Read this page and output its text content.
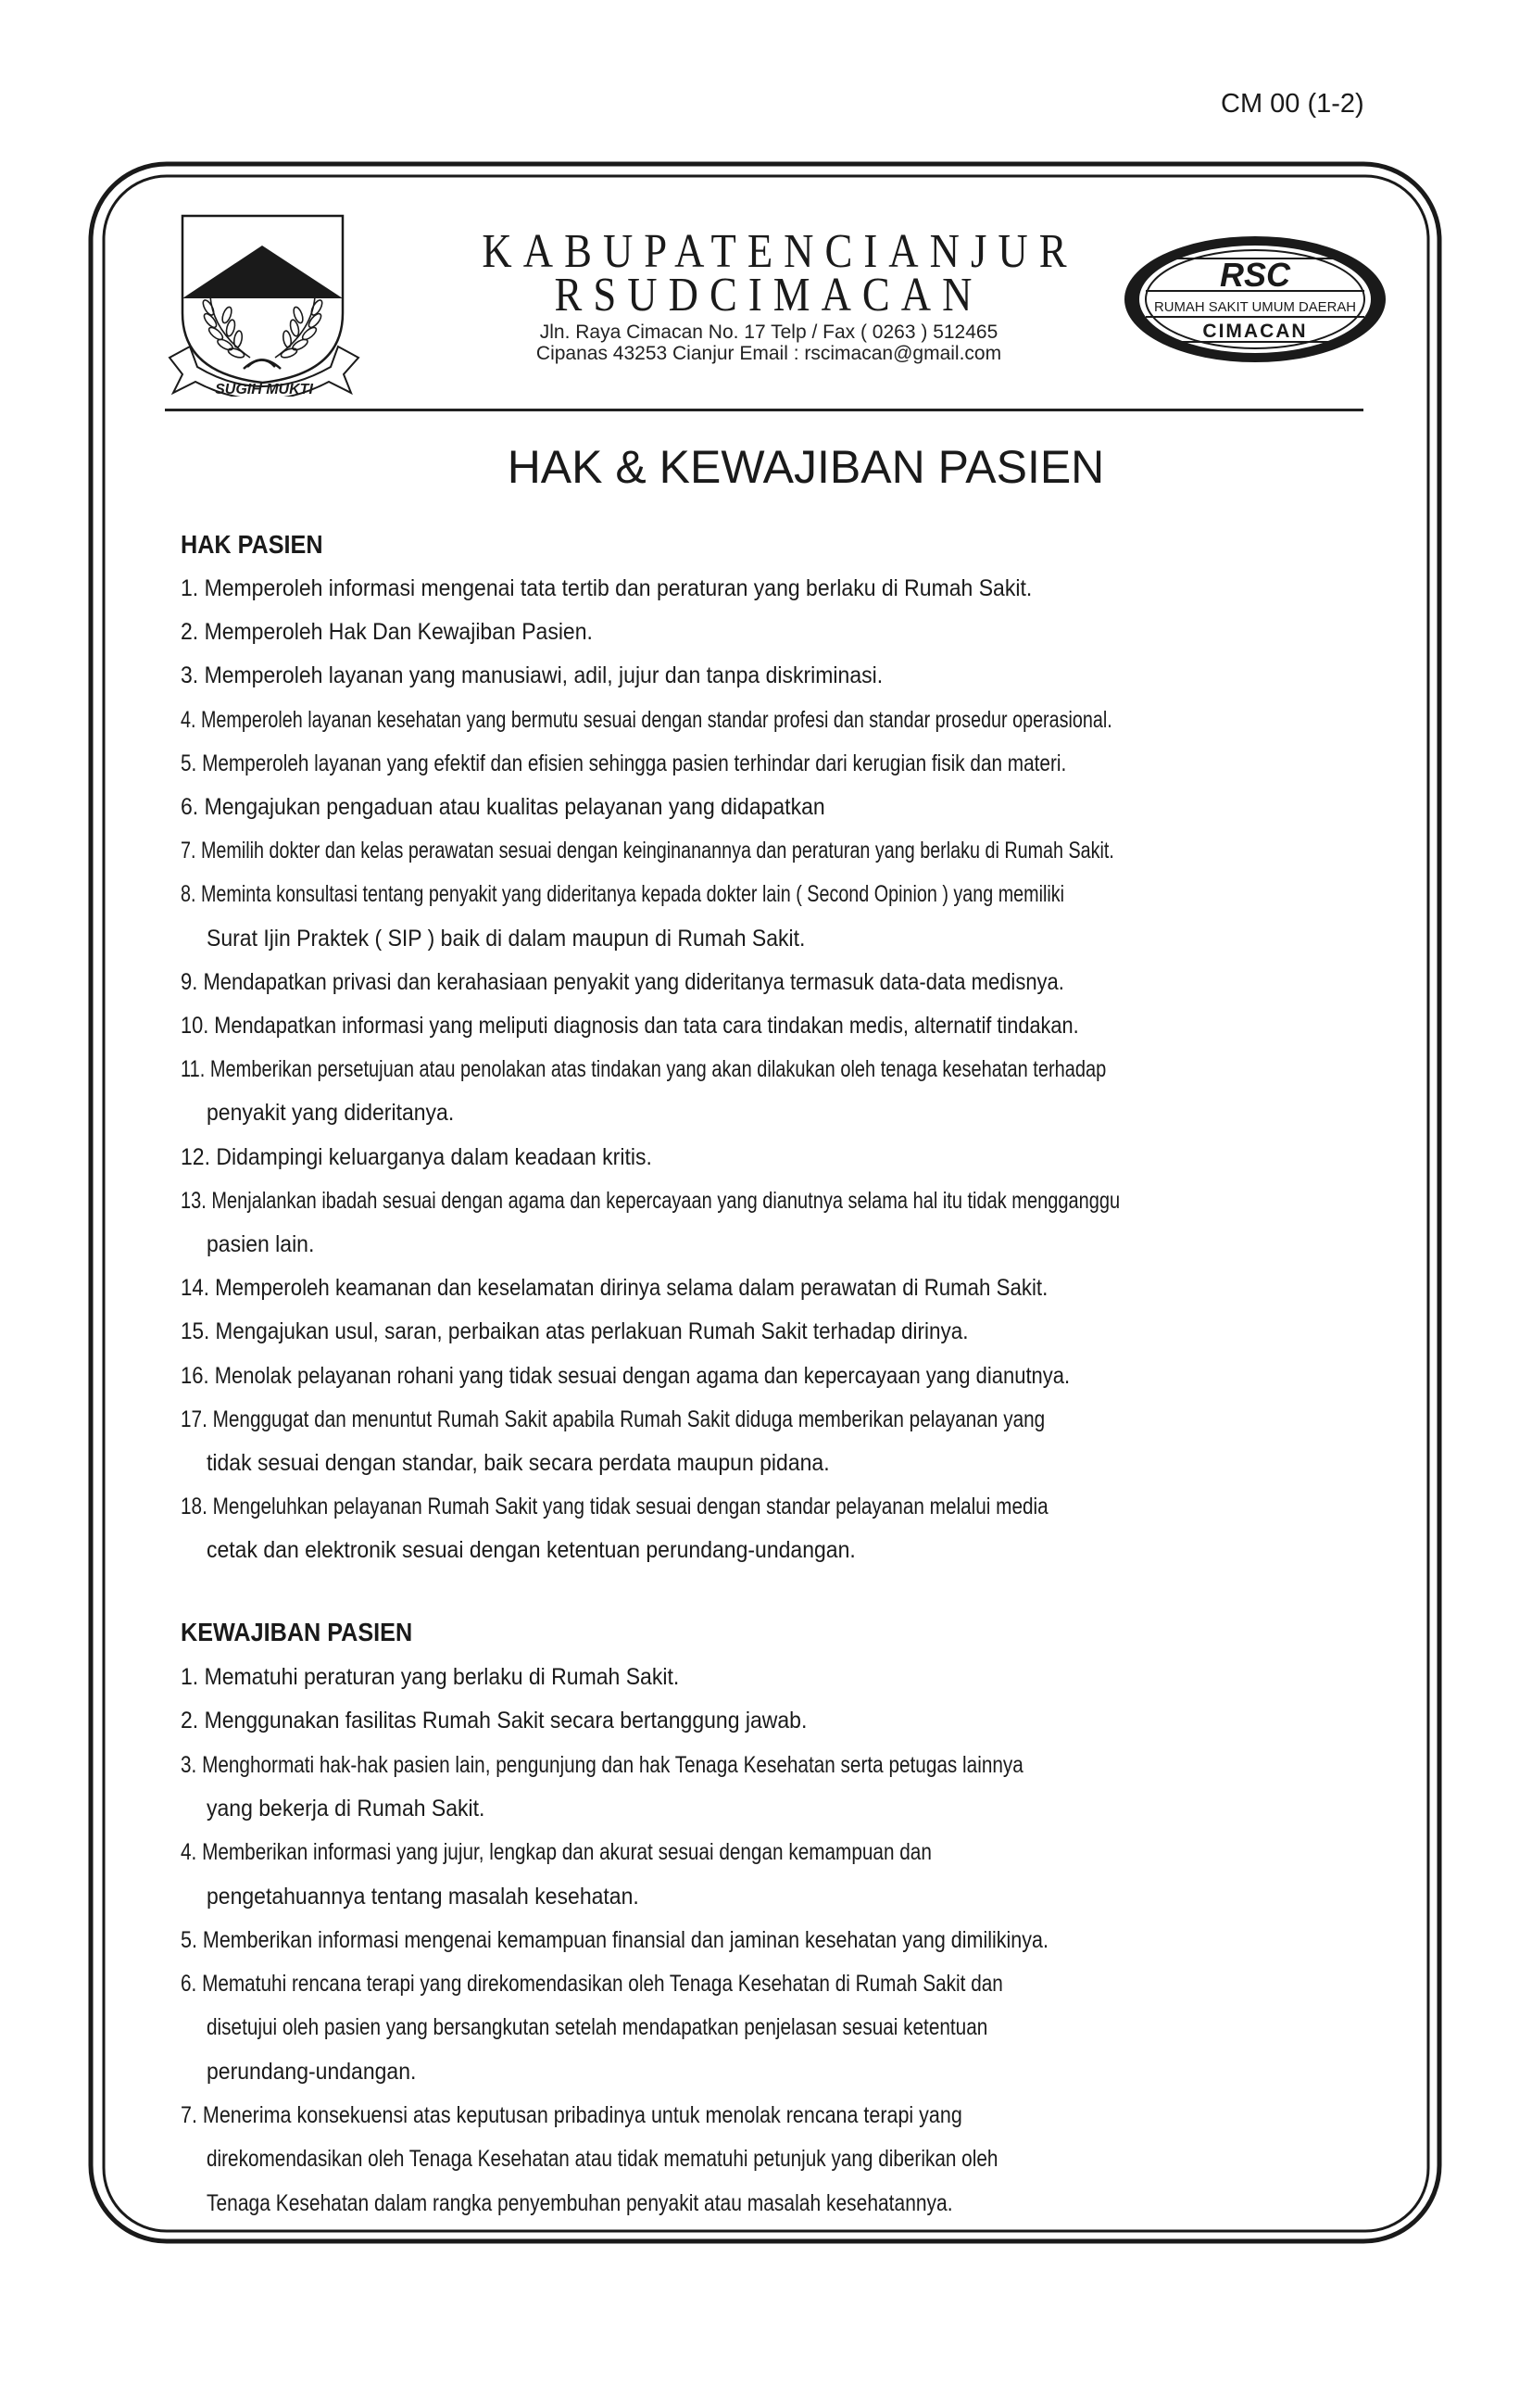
CM 00 (1-2)
SUGIH MUKTI
KABUPATENCIANJUR
RSUDCIMACAN
Jln. Raya Cimacan No. 17 Telp / Fax ( 0263 ) 512465
Cipanas 43253 Cianjur Email : rscimacan@gmail.com
RSC
RUMAH SAKIT UMUM DAERAH
CIMACAN
HAK & KEWAJIBAN PASIEN
HAK PASIEN
1. Memperoleh informasi mengenai tata tertib dan peraturan yang berlaku di Rumah Sakit.
2. Memperoleh Hak Dan Kewajiban Pasien.
3. Memperoleh layanan yang manusiawi, adil, jujur dan tanpa diskriminasi.
4. Memperoleh layanan kesehatan yang bermutu sesuai dengan standar profesi dan standar prosedur operasional.
5. Memperoleh layanan yang efektif dan efisien sehingga pasien terhindar dari kerugian fisik dan materi.
6. Mengajukan pengaduan atau kualitas pelayanan yang didapatkan
7. Memilih dokter dan kelas perawatan sesuai dengan keinginanannya dan peraturan yang berlaku di Rumah Sakit.
8. Meminta konsultasi tentang penyakit yang dideritanya kepada dokter lain ( Second Opinion ) yang memiliki
Surat Ijin Praktek ( SIP ) baik di dalam maupun di Rumah Sakit.
9. Mendapatkan privasi dan kerahasiaan penyakit yang dideritanya termasuk data-data medisnya.
10. Mendapatkan informasi yang meliputi diagnosis dan tata cara tindakan medis, alternatif tindakan.
11. Memberikan persetujuan atau penolakan atas tindakan yang akan dilakukan oleh tenaga kesehatan terhadap
penyakit yang dideritanya.
12. Didampingi keluarganya dalam keadaan kritis.
13. Menjalankan ibadah sesuai dengan agama dan kepercayaan yang dianutnya selama hal itu tidak mengganggu
pasien lain.
14. Memperoleh keamanan dan keselamatan dirinya selama dalam perawatan di Rumah Sakit.
15. Mengajukan usul, saran, perbaikan atas perlakuan Rumah Sakit terhadap dirinya.
16. Menolak pelayanan rohani yang tidak sesuai dengan agama dan kepercayaan yang dianutnya.
17. Menggugat dan menuntut Rumah Sakit apabila Rumah Sakit diduga memberikan pelayanan yang
tidak sesuai dengan standar, baik secara perdata maupun pidana.
18. Mengeluhkan pelayanan Rumah Sakit yang tidak sesuai dengan standar pelayanan melalui media
cetak dan elektronik sesuai dengan ketentuan perundang-undangan.
KEWAJIBAN PASIEN
1. Mematuhi peraturan yang berlaku di Rumah Sakit.
2. Menggunakan fasilitas Rumah Sakit secara bertanggung jawab.
3. Menghormati hak-hak pasien lain, pengunjung dan hak Tenaga Kesehatan serta petugas lainnya
yang bekerja di Rumah Sakit.
4. Memberikan informasi yang jujur, lengkap dan akurat sesuai dengan kemampuan dan
pengetahuannya tentang masalah kesehatan.
5. Memberikan informasi mengenai kemampuan finansial dan jaminan kesehatan yang dimilikinya.
6. Mematuhi rencana terapi yang direkomendasikan oleh Tenaga Kesehatan di Rumah Sakit dan
disetujui oleh pasien yang bersangkutan setelah mendapatkan penjelasan sesuai ketentuan
perundang-undangan.
7. Menerima konsekuensi atas keputusan pribadinya untuk menolak rencana terapi yang
direkomendasikan oleh Tenaga Kesehatan atau tidak mematuhi petunjuk yang diberikan oleh
Tenaga Kesehatan dalam rangka penyembuhan penyakit atau masalah kesehatannya.
